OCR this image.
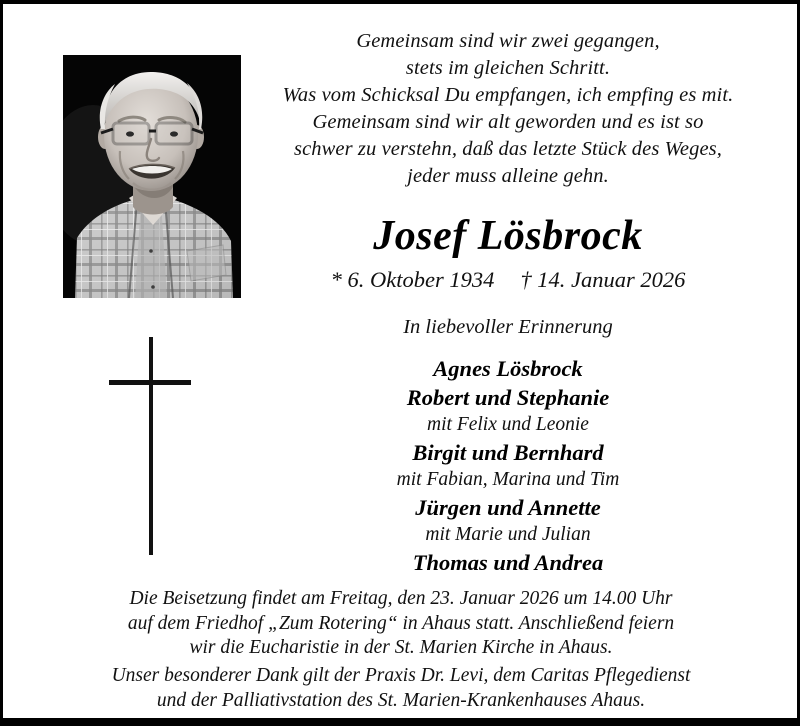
Gemeinsam sind wir zwei gegangen,
stets im gleichen Schritt.
Was vom Schicksal Du empfangen, ich empfing es mit.
Gemeinsam sind wir alt geworden und es ist so
schwer zu verstehn, daß das letzte Stück des Weges,
jeder muss alleine gehn.
Josef Lösbrock
* 6. Oktober 1934 † 14. Januar 2026
In liebevoller Erinnerung
Agnes Lösbrock
Robert und Stephanie
mit Felix und Leonie
Birgit und Bernhard
mit Fabian, Marina und Tim
Jürgen und Annette
mit Marie und Julian
Thomas und Andrea
Die Beisetzung findet am Freitag, den 23. Januar 2026 um 14.00 Uhr
auf dem Friedhof „Zum Rotering“ in Ahaus statt. Anschließend feiern
wir die Eucharistie in der St. Marien Kirche in Ahaus.
Unser besonderer Dank gilt der Praxis Dr. Levi, dem Caritas Pflegedienst
und der Palliativstation des St. Marien-Krankenhauses Ahaus.
